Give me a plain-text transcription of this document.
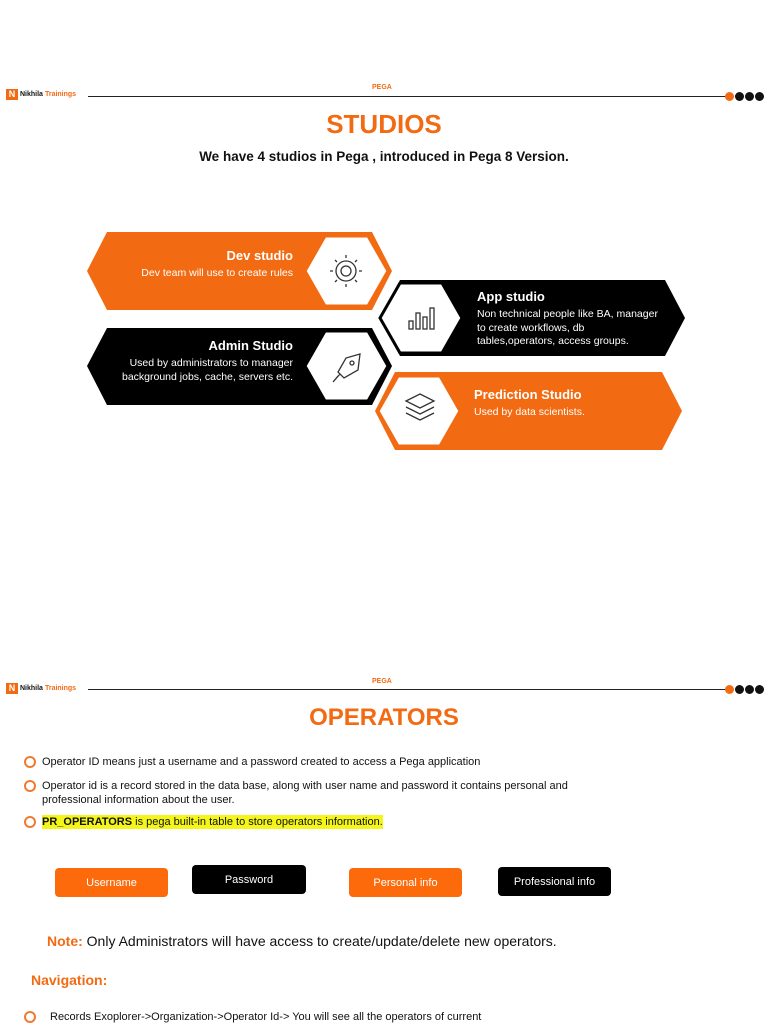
N Nikhila Trainings
PEGA
STUDIOS
We have 4 studios in Pega , introduced in Pega 8 Version.
Dev studio
Dev team will use to create rules
App studio
Non technical people like BA, manager
to create workflows, db
tables,operators, access groups.
Admin Studio
Used by administrators to manager
background jobs, cache, servers etc.
Prediction Studio
Used by data scientists.
N Nikhila Trainings
PEGA
OPERATORS
Operator ID means just a username and a password created to access a Pega application
Operator id is a record stored in the data base, along with user name and password it contains personal and
professional information about the user.
PR_OPERATORS is pega built-in table to store operators information.
Username	Password	Personal info	Professional info
Note: Only Administrators will have access to create/update/delete new operators.
Navigation:
Records Exoplorer->Organization->Operator Id-> You will see all the operators of current
